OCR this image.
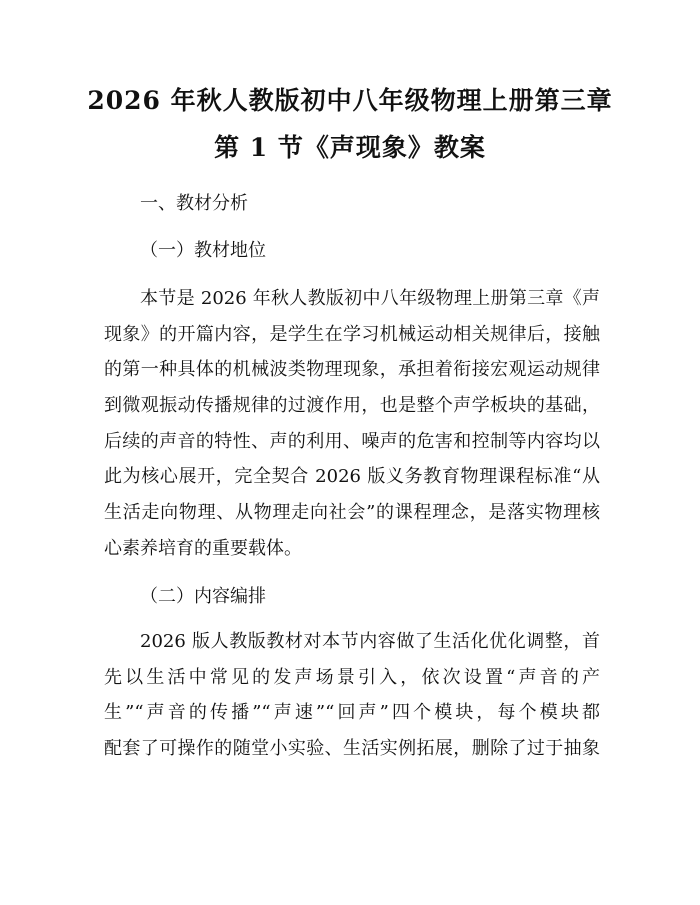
2026 年秋人教版初中八年级物理上册第三章
第 1 节《声现象》教案
一、教材分析
（一）教材地位
本节是 2026 年秋人教版初中八年级物理上册第三章《声
现象》的开篇内容，是学生在学习机械运动相关规律后，接触
的第一种具体的机械波类物理现象，承担着衔接宏观运动规律
到微观振动传播规律的过渡作用，也是整个声学板块的基础，
后续的声音的特性、声的利用、噪声的危害和控制等内容均以
此为核心展开，完全契合 2026 版义务教育物理课程标准“从
生活走向物理、从物理走向社会”的课程理念，是落实物理核
心素养培育的重要载体。
（二）内容编排
2026 版人教版教材对本节内容做了生活化优化调整，首
先以生活中常见的发声场景引入，依次设置“声音的产
生”“声音的传播”“声速”“回声”四个模块，每个模块都
配套了可操作的随堂小实验、生活实例拓展，删除了过于抽象
